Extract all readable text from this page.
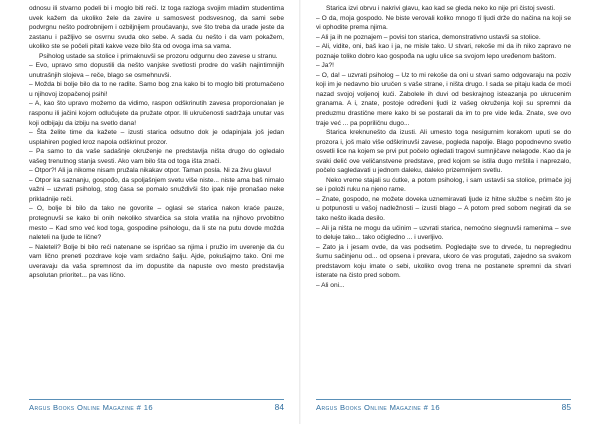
odnosu ili stvarno podeli bi i moglo biti reči. Iz toga razloga svojim mladim studentima uvek kažem da ukoliko žele da zavire u samosvest podsvesnog, da sami sebe podvrgnu nešto podrobnijem i ozbiljnijem proučavanju, sve što treba da urade jeste da zastanu i pažljivo se osvrnu svuda oko sebe. A sada ću nešto i da vam pokažem, ukoliko ste se počeli pitati kakve veze bilo šta od ovoga ima sa vama.

Psiholog ustade sa stolice i primaknuvši se prozoru odgurnu deo zavese u stranu.

– Evo, upravo smo dopustili da nešto vanjske svetlosti prodre do vaših najintimnijih unutrašnjih slojeva – reče, blago se osmehnuvši.

– Možda bi bolje bilo da to ne radite. Samo bog zna kako bi to moglo biti protumačeno u njihovoj izopačenoj psihi!

– A, kao što upravo možemo da vidimo, raspon odškrinutih zavesa proporcionalan je rasponu ili jačini kojom odlučujete da pružate otpor. Ili ukručenosti sadržaja unutar vas koji odbijaju da izbiju na svetlo dana!

– Šta želite time da kažete – izusti starica odsutno dok je odapinjala još jedan usplahiren pogled kroz napola odškrinut prozor.

– Pa samo to da vaše sadašnje okruženje ne predstavlja ništa drugo do ogledalo vašeg trenutnog stanja svesti. Ako vam bilo šta od toga išta znači.

– Otpor?! Ali ja nikome nisam pružala nikakav otpor. Taman posla. Ni za živu glavu!

– Otpor ka saznanju, gospođo, da spoljašnjem svetu više niste... niste ama baš nimalo važni – uzvrati psiholog, stog časa se pomalo snuždivši što ipak nije pronašao neke prikladnije reči.

– O, bolje bi bilo da tako ne govorite – oglasi se starica nakon kraće pauze, protegnuvši se kako bi onih nekoliko stvarčica sa stola vratila na njihovo prvobitno mesto – Kad smo već kod toga, gospodine psihologu, da li ste na putu dovde možda naleteli na ljude te lične?

– Naleteli? Bolje bi bilo reći natenane se ispričao sa njima i pružio im uverenje da ću vam lično preneti pozdrave koje vam srdačno šalju. Ajde, pokušajmo tako. Oni me uveravaju da vaša spremnost da im dopustite da napuste ovo mesto predstavlja apsolutan prioritet... pa vas lično.

Argus Books Online Magazine # 16	84

Starica izvi obrvu i nakrivi glavu, kao kad se gleda neko ko nije pri čistoj svesti.

– O da, moja gospodo. Ne biste verovali koliko mnogo tî ljudi drže do načina na koji se vi ophodite prema njima.

– Ali ja ih ne poznajem – povisi ton starica, demonstrativno ustavši sa stolice.

– Ali, vidite, oni, baš kao i ja, ne misle tako. U stvari, rekoše mi da ih niko zapravo ne poznaje toliko dobro kao gospođa na uglu ulice sa svojom lepo uređenom baštom.

– Ja?!

– O, da! – uzvrati psiholog – Uz to mi rekoše da oni u stvari samo odgovaraju na poziv koji im je nedavno bio uručen s vaše strane, i ništa drugo. I sada se pitaju kada će moći nazad svojoj voljenoj kući. Zabolele ih duvi od beskrajnog isteazanja po ukrucenim granama. A i, znate, postoje određeni ljudi iz vašeg okruženja koji su spremni da preduzmu drastične mere kako bi se postarali da im to pre vide leđa. Znate, sve ovo traje već ... pa popriličnu dugo...

Starica kreknunešto da izusti. Ali umesto toga nesigurnim korakom uputi se do prozora i, još malo više odškrinuvši zavese, pogleda napolje. Blago popodnevno svetlo osvetli lice na kojem se prvi put počelo ogledati tragovi sumnjičave nelagode. Kao da je svaki delić ove veličanstvene predstave, pred kojom se istila dugo mrštila i naprezalo, počelo sagledavati u jednom daleku, daleko prizemnijem svetlu.

Neko vreme stajali su ćutke, a potom psiholog, i sam ustavši sa stolice, primače joj se i položi ruku na njeno rame.

– Znate, gospodo, ne možete doveka uznemiravati ljude iz hitne službe s nečim što je u potpunosti u vašoj nadležnosti – izusti blago – A potom pred sobom negirati da se tako nešto ikada desilo.

– Ali ja ništa ne mogu da učinim – uzvrati starica, nemoćno slegnuvši ramenima – sve to deluje tako... tako očigledno ... i uverljivo.

– Zato ja i jesam ovde, da vas podsetim. Pogledajte sve to drveće, tu nepreglednu šumu sačinjenu od... od opsena i prevara, ukoro će vas progutati, zajedno sa svakom predstavom koju imate o sebi, ukoliko ovog trena ne postanete spremni da stvari isterate na čisto pred sobom.

– Ali oni...

Argus Books Online Magazine # 16	85
